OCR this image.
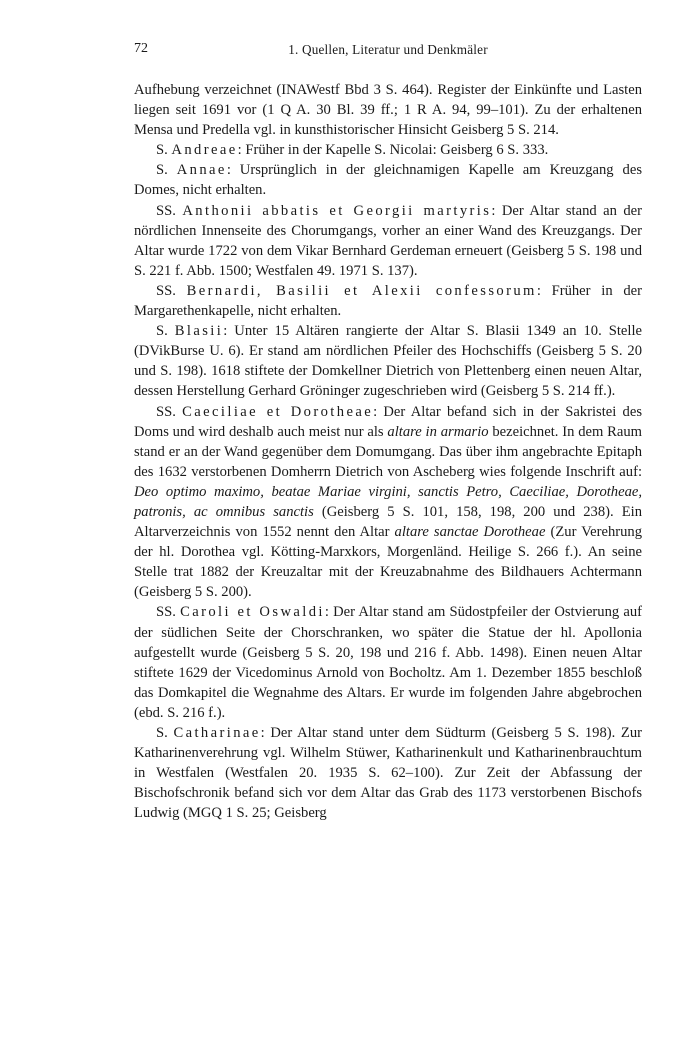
72	1. Quellen, Literatur und Denkmäler

Aufhebung verzeichnet (INAWestf Bbd 3 S. 464). Register der Einkünfte und Lasten liegen seit 1691 vor (1 Q A. 30 Bl. 39 ff.; 1 R A. 94, 99–101). Zu der erhaltenen Mensa und Predella vgl. in kunsthistorischer Hinsicht Geisberg 5 S. 214.

S. Andreae: Früher in der Kapelle S. Nicolai: Geisberg 6 S. 333.

S. Annae: Ursprünglich in der gleichnamigen Kapelle am Kreuzgang des Domes, nicht erhalten.

SS. Anthonii abbatis et Georgii martyris: Der Altar stand an der nördlichen Innenseite des Chorumgangs, vorher an einer Wand des Kreuzgangs. Der Altar wurde 1722 von dem Vikar Bernhard Gerdeman erneuert (Geisberg 5 S. 198 und S. 221 f. Abb. 1500; Westfalen 49. 1971 S. 137).

SS. Bernardi, Basilii et Alexii confessorum: Früher in der Margarethenkapelle, nicht erhalten.

S. Blasii: Unter 15 Altären rangierte der Altar S. Blasii 1349 an 10. Stelle (DVikBurse U. 6). Er stand am nördlichen Pfeiler des Hochschiffs (Geisberg 5 S. 20 und S. 198). 1618 stiftete der Domkellner Dietrich von Plettenberg einen neuen Altar, dessen Herstellung Gerhard Gröninger zugeschrieben wird (Geisberg 5 S. 214 ff.).

SS. Caeciliae et Dorotheae: Der Altar befand sich in der Sakristei des Doms und wird deshalb auch meist nur als altare in armario bezeichnet. In dem Raum stand er an der Wand gegenüber dem Domumgang. Das über ihm angebrachte Epitaph des 1632 verstorbenen Domherrn Dietrich von Ascheberg wies folgende Inschrift auf: Deo optimo maximo, beatae Mariae virgini, sanctis Petro, Caeciliae, Dorotheae, patronis, ac omnibus sanctis (Geisberg 5 S. 101, 158, 198, 200 und 238). Ein Altarverzeichnis von 1552 nennt den Altar altare sanctae Dorotheae (Zur Verehrung der hl. Dorothea vgl. Kötting-Marxkors, Morgenländ. Heilige S. 266 f.). An seine Stelle trat 1882 der Kreuzaltar mit der Kreuzabnahme des Bildhauers Achtermann (Geisberg 5 S. 200).

SS. Caroli et Oswaldi: Der Altar stand am Südostpfeiler der Ostvierung auf der südlichen Seite der Chorschranken, wo später die Statue der hl. Apollonia aufgestellt wurde (Geisberg 5 S. 20, 198 und 216 f. Abb. 1498). Einen neuen Altar stiftete 1629 der Vicedominus Arnold von Bocholtz. Am 1. Dezember 1855 beschloß das Domkapitel die Wegnahme des Altars. Er wurde im folgenden Jahre abgebrochen (ebd. S. 216 f.).

S. Catharinae: Der Altar stand unter dem Südturm (Geisberg 5 S. 198). Zur Katharinenverehrung vgl. Wilhelm Stüwer, Katharinenkult und Katharinenbrauchtum in Westfalen (Westfalen 20. 1935 S. 62–100). Zur Zeit der Abfassung der Bischofschronik befand sich vor dem Altar das Grab des 1173 verstorbenen Bischofs Ludwig (MGQ 1 S. 25; Geisberg
